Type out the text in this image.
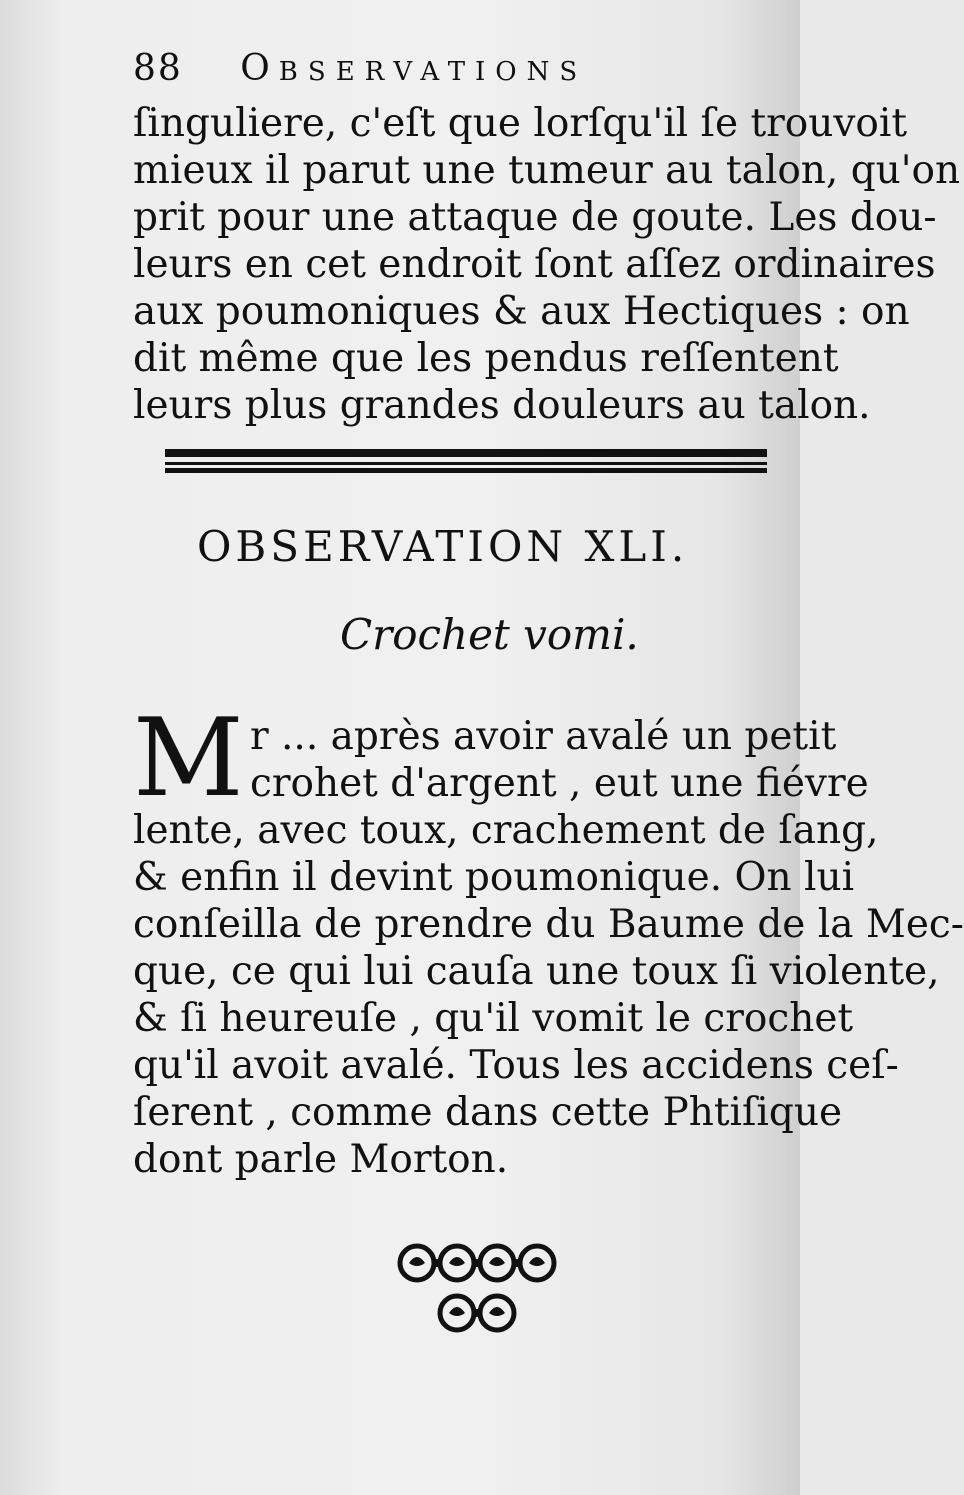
88 OBSERVATIONS
ſinguliere, c'eſt que lorſqu'il ſe trouvoit
mieux il parut une tumeur au talon, qu'on
prit pour une attaque de goute. Les dou-
leurs en cet endroit ſont aſſez ordinaires
aux poumoniques & aux Hectiques : on
dit même que les pendus reſſentent
leurs plus grandes douleurs au talon.
OBSERVATION XLI.
Crochet vomi.
M r ... après avoir avalé un petit
crohet d'argent , eut une fiévre
lente, avec toux, crachement de ſang,
& enfin il devint poumonique. On lui
conſeilla de prendre du Baume de la Mec-
que, ce qui lui cauſa une toux ſi violente,
& ſi heureuſe , qu'il vomit le crochet
qu'il avoit avalé. Tous les accidens ceſ-
ſerent , comme dans cette Phtiſique
dont parle Morton.
